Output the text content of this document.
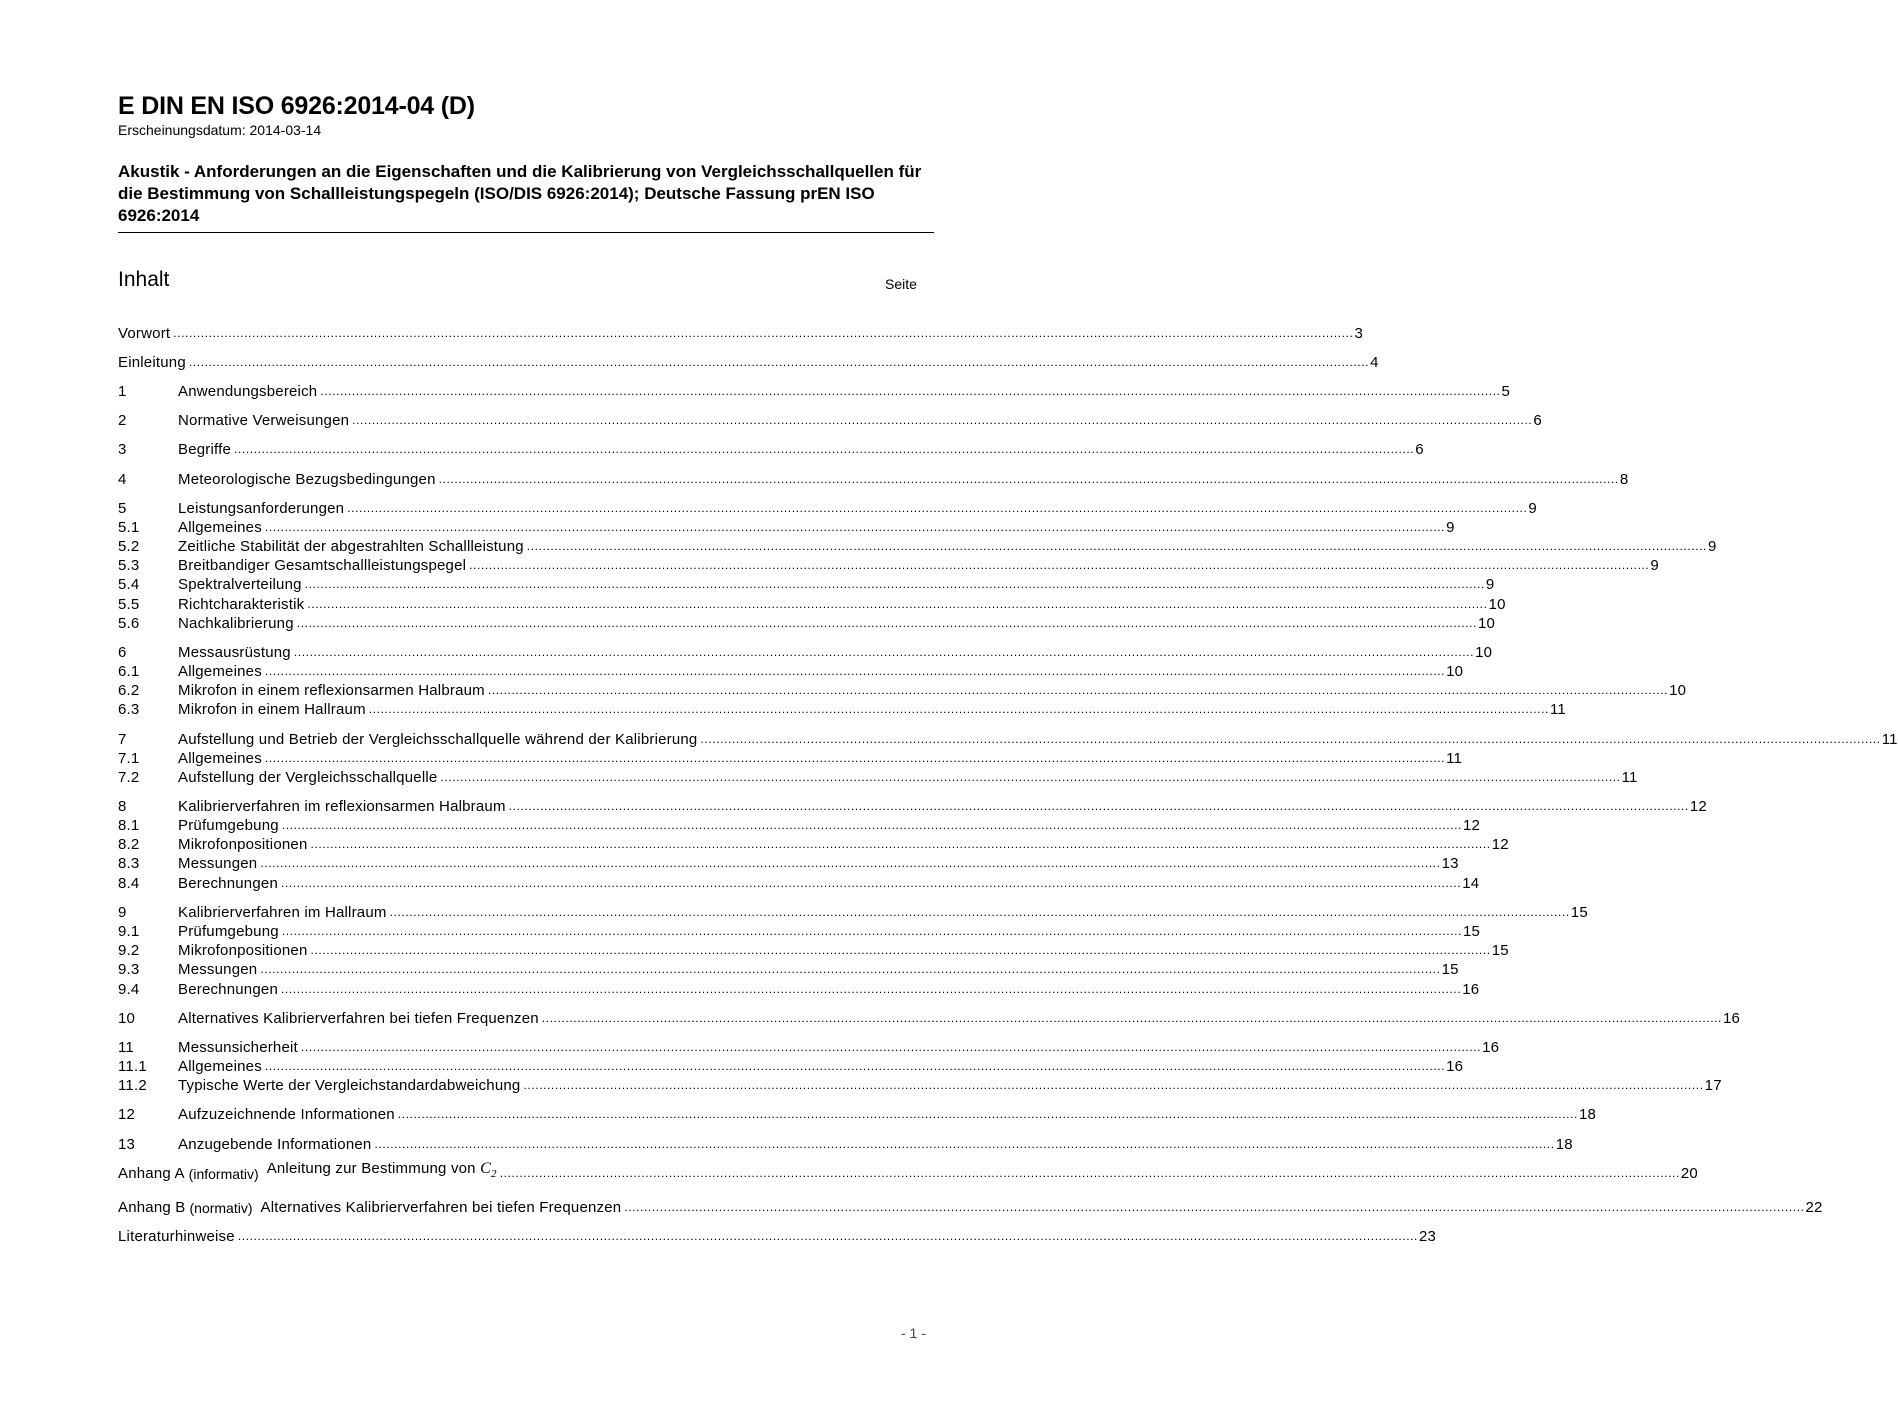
E DIN EN ISO 6926:2014-04 (D)
Erscheinungsdatum: 2014-03-14
Akustik - Anforderungen an die Eigenschaften und die Kalibrierung von Vergleichsschallquellen für die Bestimmung von Schallleistungspegeln (ISO/DIS 6926:2014); Deutsche Fassung prEN ISO 6926:2014
Inhalt	Seite
Vorwort ............................................................................................................................................................................................................................................................................................................ 3
Einleitung ............................................................................................................................................................................................................................................................................................................ 4
1	Anwendungsbereich ............................................................................................................................................................................................................................................................................................................ 5
2	Normative Verweisungen ............................................................................................................................................................................................................................................................................................................ 6
3	Begriffe ............................................................................................................................................................................................................................................................................................................ 6
4	Meteorologische Bezugsbedingungen ............................................................................................................................................................................................................................................................................................................ 8
5	Leistungsanforderungen ............................................................................................................................................................................................................................................................................................................ 9
5.1	Allgemeines ............................................................................................................................................................................................................................................................................................................ 9
5.2	Zeitliche Stabilität der abgestrahlten Schallleistung ............................................................................................................................................................................................................................................................................................................ 9
5.3	Breitbandiger Gesamtschallleistungspegel ............................................................................................................................................................................................................................................................................................................ 9
5.4	Spektralverteilung ............................................................................................................................................................................................................................................................................................................ 9
5.5	Richtcharakteristik ............................................................................................................................................................................................................................................................................................................ 10
5.6	Nachkalibrierung ............................................................................................................................................................................................................................................................................................................ 10
6	Messausrüstung ............................................................................................................................................................................................................................................................................................................ 10
6.1	Allgemeines ............................................................................................................................................................................................................................................................................................................ 10
6.2	Mikrofon in einem reflexionsarmen Halbraum ............................................................................................................................................................................................................................................................................................................ 10
6.3	Mikrofon in einem Hallraum ............................................................................................................................................................................................................................................................................................................ 11
7	Aufstellung und Betrieb der Vergleichsschallquelle während der Kalibrierung ............................................................................................................................................................................................................................................................................................................ 11
7.1	Allgemeines ............................................................................................................................................................................................................................................................................................................ 11
7.2	Aufstellung der Vergleichsschallquelle ............................................................................................................................................................................................................................................................................................................ 11
8	Kalibrierverfahren im reflexionsarmen Halbraum ............................................................................................................................................................................................................................................................................................................ 12
8.1	Prüfumgebung ............................................................................................................................................................................................................................................................................................................ 12
8.2	Mikrofonpositionen ............................................................................................................................................................................................................................................................................................................ 12
8.3	Messungen ............................................................................................................................................................................................................................................................................................................ 13
8.4	Berechnungen ............................................................................................................................................................................................................................................................................................................ 14
9	Kalibrierverfahren im Hallraum ............................................................................................................................................................................................................................................................................................................ 15
9.1	Prüfumgebung ............................................................................................................................................................................................................................................................................................................ 15
9.2	Mikrofonpositionen ............................................................................................................................................................................................................................................................................................................ 15
9.3	Messungen ............................................................................................................................................................................................................................................................................................................ 15
9.4	Berechnungen ............................................................................................................................................................................................................................................................................................................ 16
10	Alternatives Kalibrierverfahren bei tiefen Frequenzen ............................................................................................................................................................................................................................................................................................................ 16
11	Messunsicherheit ............................................................................................................................................................................................................................................................................................................ 16
11.1	Allgemeines ............................................................................................................................................................................................................................................................................................................ 16
11.2	Typische Werte der Vergleichstandardabweichung ............................................................................................................................................................................................................................................................................................................ 17
12	Aufzuzeichnende Informationen ............................................................................................................................................................................................................................................................................................................ 18
13	Anzugebende Informationen ............................................................................................................................................................................................................................................................................................................ 18
Anhang A (informativ) Anleitung zur Bestimmung von $C_2$ ............................................................................................................................................................................................................................................................................................................ 20
Anhang B (normativ) Alternatives Kalibrierverfahren bei tiefen Frequenzen ............................................................................................................................................................................................................................................................................................................ 22
Literaturhinweise ............................................................................................................................................................................................................................................................................................................ 23
- 1 -
